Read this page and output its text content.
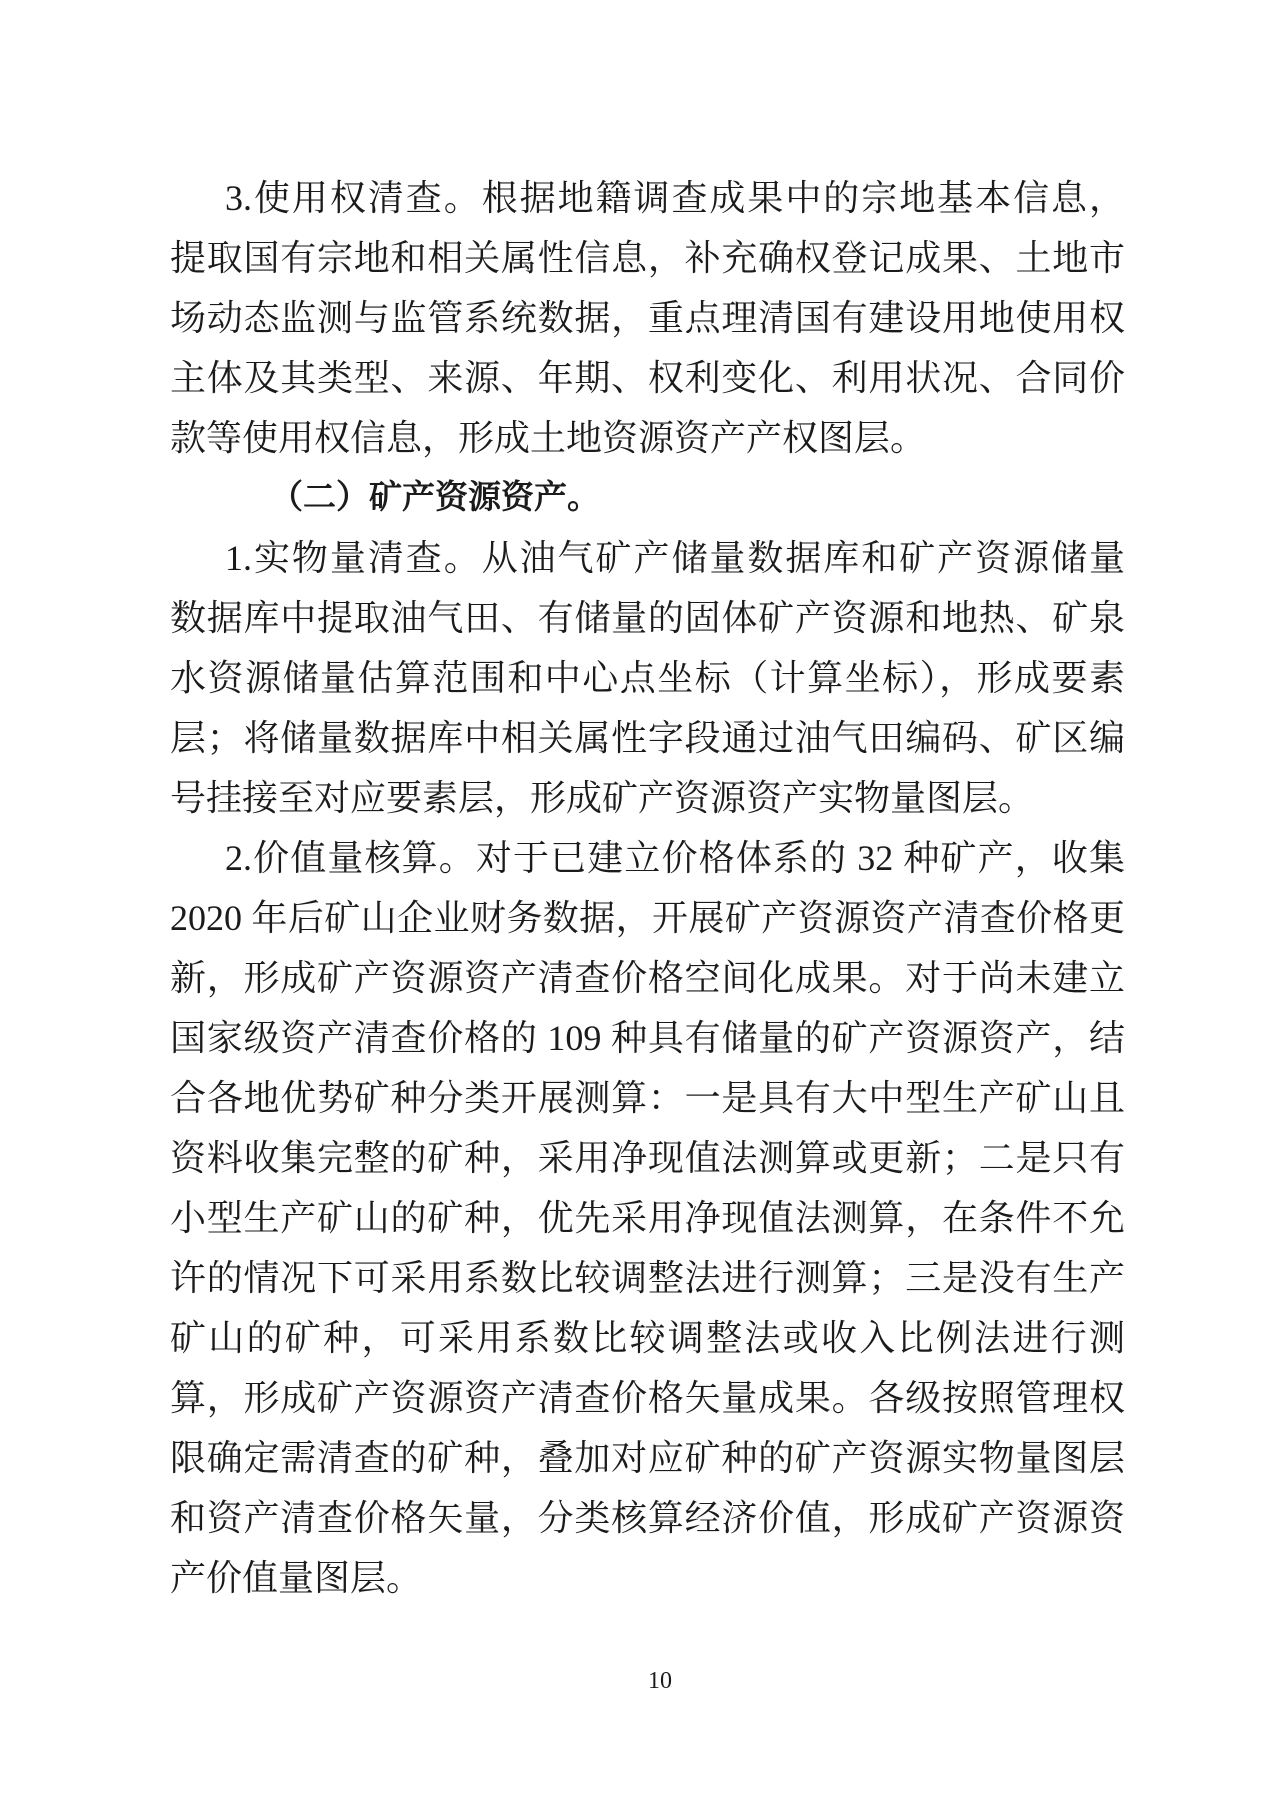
3.使用权清查。根据地籍调查成果中的宗地基本信息，
提取国有宗地和相关属性信息，补充确权登记成果、土地市
场动态监测与监管系统数据，重点理清国有建设用地使用权
主体及其类型、来源、年期、权利变化、利用状况、合同价
款等使用权信息，形成土地资源资产产权图层。
（二）矿产资源资产。
1.实物量清查。从油气矿产储量数据库和矿产资源储量
数据库中提取油气田、有储量的固体矿产资源和地热、矿泉
水资源储量估算范围和中心点坐标（计算坐标），形成要素
层；将储量数据库中相关属性字段通过油气田编码、矿区编
号挂接至对应要素层，形成矿产资源资产实物量图层。
2.价值量核算。对于已建立价格体系的 32 种矿产，收集
2020 年后矿山企业财务数据，开展矿产资源资产清查价格更
新，形成矿产资源资产清查价格空间化成果。对于尚未建立
国家级资产清查价格的 109 种具有储量的矿产资源资产，结
合各地优势矿种分类开展测算：一是具有大中型生产矿山且
资料收集完整的矿种，采用净现值法测算或更新；二是只有
小型生产矿山的矿种，优先采用净现值法测算，在条件不允
许的情况下可采用系数比较调整法进行测算；三是没有生产
矿山的矿种，可采用系数比较调整法或收入比例法进行测
算，形成矿产资源资产清查价格矢量成果。各级按照管理权
限确定需清查的矿种，叠加对应矿种的矿产资源实物量图层
和资产清查价格矢量，分类核算经济价值，形成矿产资源资
产价值量图层。
10
